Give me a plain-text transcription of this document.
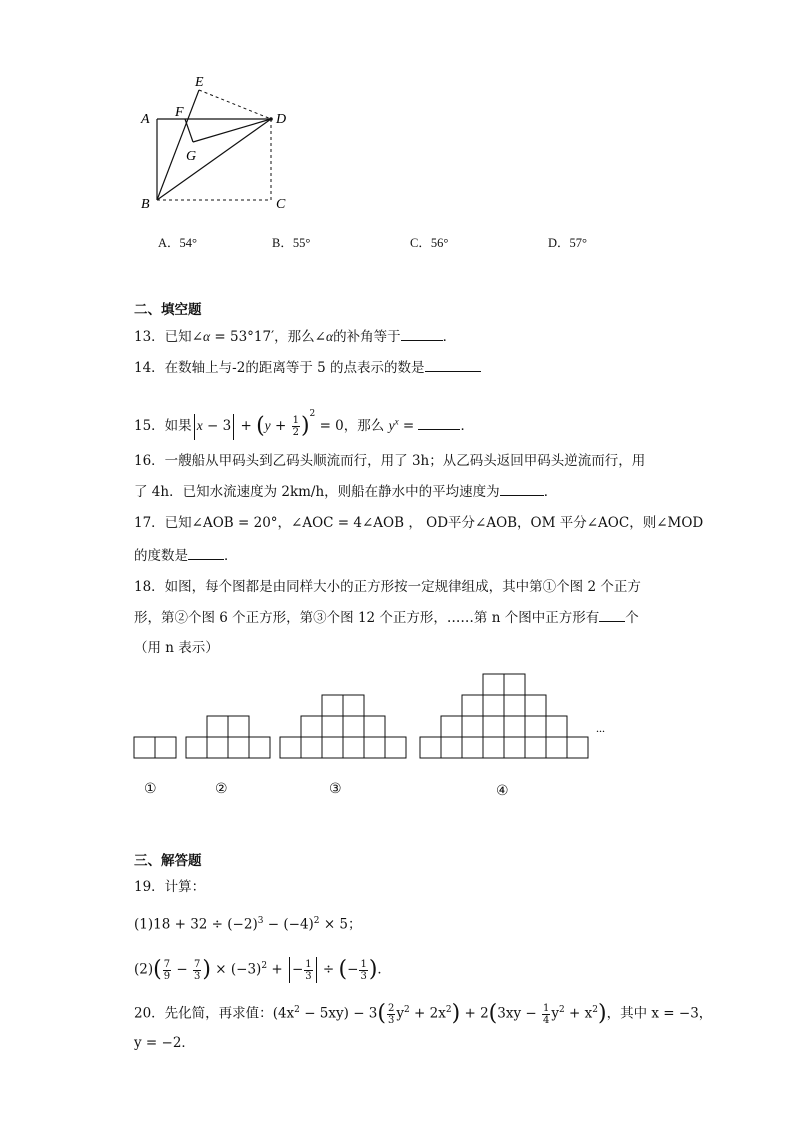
E
A F	D
G
B	C
A．54°	B．55°	C．56°	D．57°
二、填空题
13．已知∠α = 53°17′，那么∠α的补角等于	．
14．在数轴上与-2的距离等于 5 的点表示的数是
15．如果 $x - 3 + (y + \frac{1}{2} )^2 = 0$，那么 $y^x$ =	．
16．一艘船从甲码头到乙码头顺流而行，用了 3h；从乙码头返回甲码头逆流而行，用
了 4h．已知水流速度为 2km/h，则船在静水中的平均速度为	．
17．已知∠AOB = 20°，∠AOC = 4∠AOB ， OD平分∠AOB，OM 平分∠AOC，则∠MOD
的度数是	．
18．如图，每个图都是由同样大小的正方形按一定规律组成，其中第①个图 2 个正方
形，第②个图 6 个正方形，第③个图 12 个正方形，……第 n 个图中正方形有 个
（用 n 表示）
...
①	②	③	④
三、解答题
19．计算：
$(1)18 + 32 \div (-2)^3 - (-4)^2 \times 5$；
$(2)( \frac{7}{9} - \frac{7}{3}$ ) × $(-3)^2$ + − $\frac{1}{3}$ ÷ (− $\frac{1}{3}$ )．
20．先化简，再求值：$(4x^2 - 5xy) - 3( \frac{2}{3} y^2 + 2x^2) + 2(3xy - \frac{1}{4} y^2 + x^2)$，其中 x = −3，
y = −2．
